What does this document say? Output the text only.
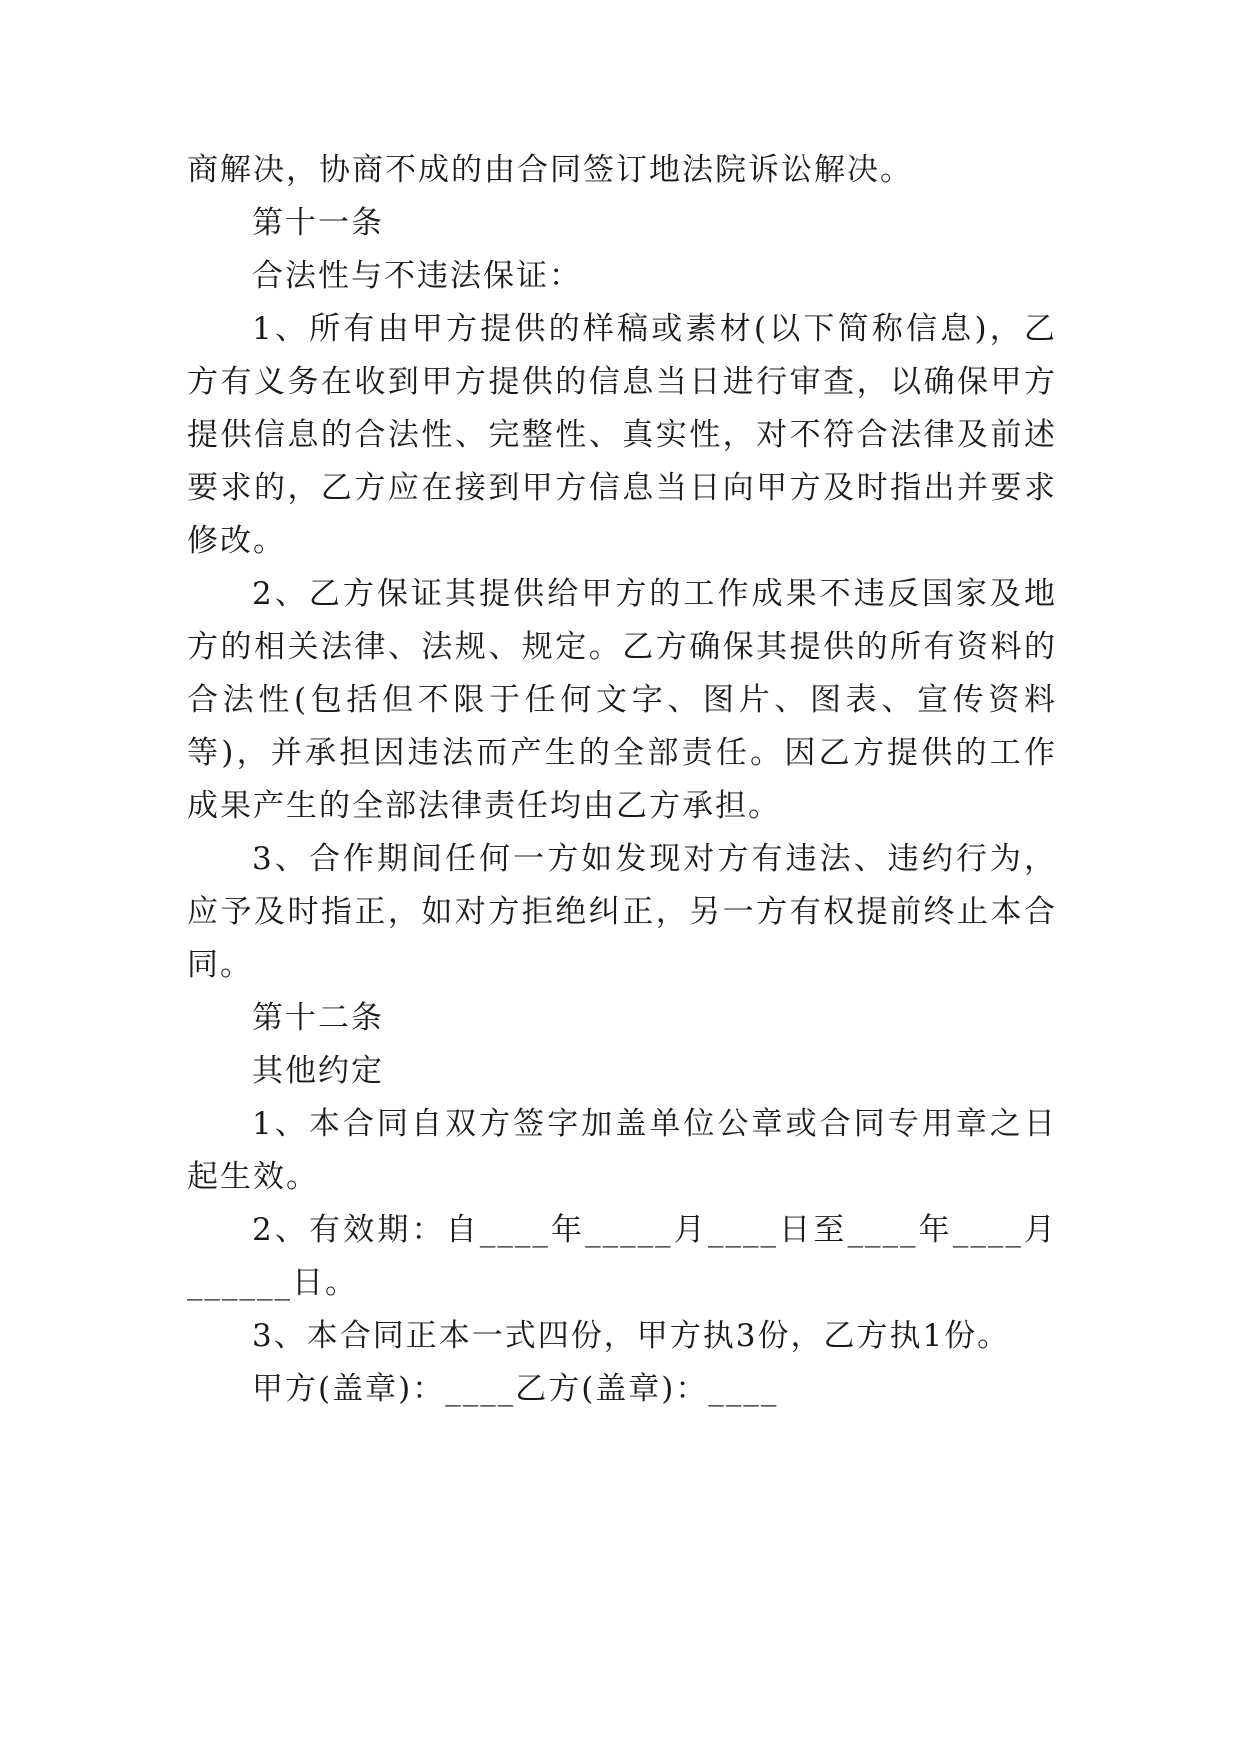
商解决，协商不成的由合同签订地法院诉讼解决。
第十一条
合法性与不违法保证：
1、所有由甲方提供的样稿或素材(以下简称信息)，乙
方有义务在收到甲方提供的信息当日进行审查，以确保甲方
提供信息的合法性、完整性、真实性，对不符合法律及前述
要求的，乙方应在接到甲方信息当日向甲方及时指出并要求
修改。
2、乙方保证其提供给甲方的工作成果不违反国家及地
方的相关法律、法规、规定。乙方确保其提供的所有资料的
合法性(包括但不限于任何文字、图片、图表、宣传资料
等)，并承担因违法而产生的全部责任。因乙方提供的工作
成果产生的全部法律责任均由乙方承担。
3、合作期间任何一方如发现对方有违法、违约行为，
应予及时指正，如对方拒绝纠正，另一方有权提前终止本合
同。
第十二条
其他约定
1、本合同自双方签字加盖单位公章或合同专用章之日
起生效。
2、有效期：自____年_____月____日至____年____月
______日。
3、本合同正本一式四份，甲方执3份，乙方执1份。
甲方(盖章)：____乙方(盖章)：____
